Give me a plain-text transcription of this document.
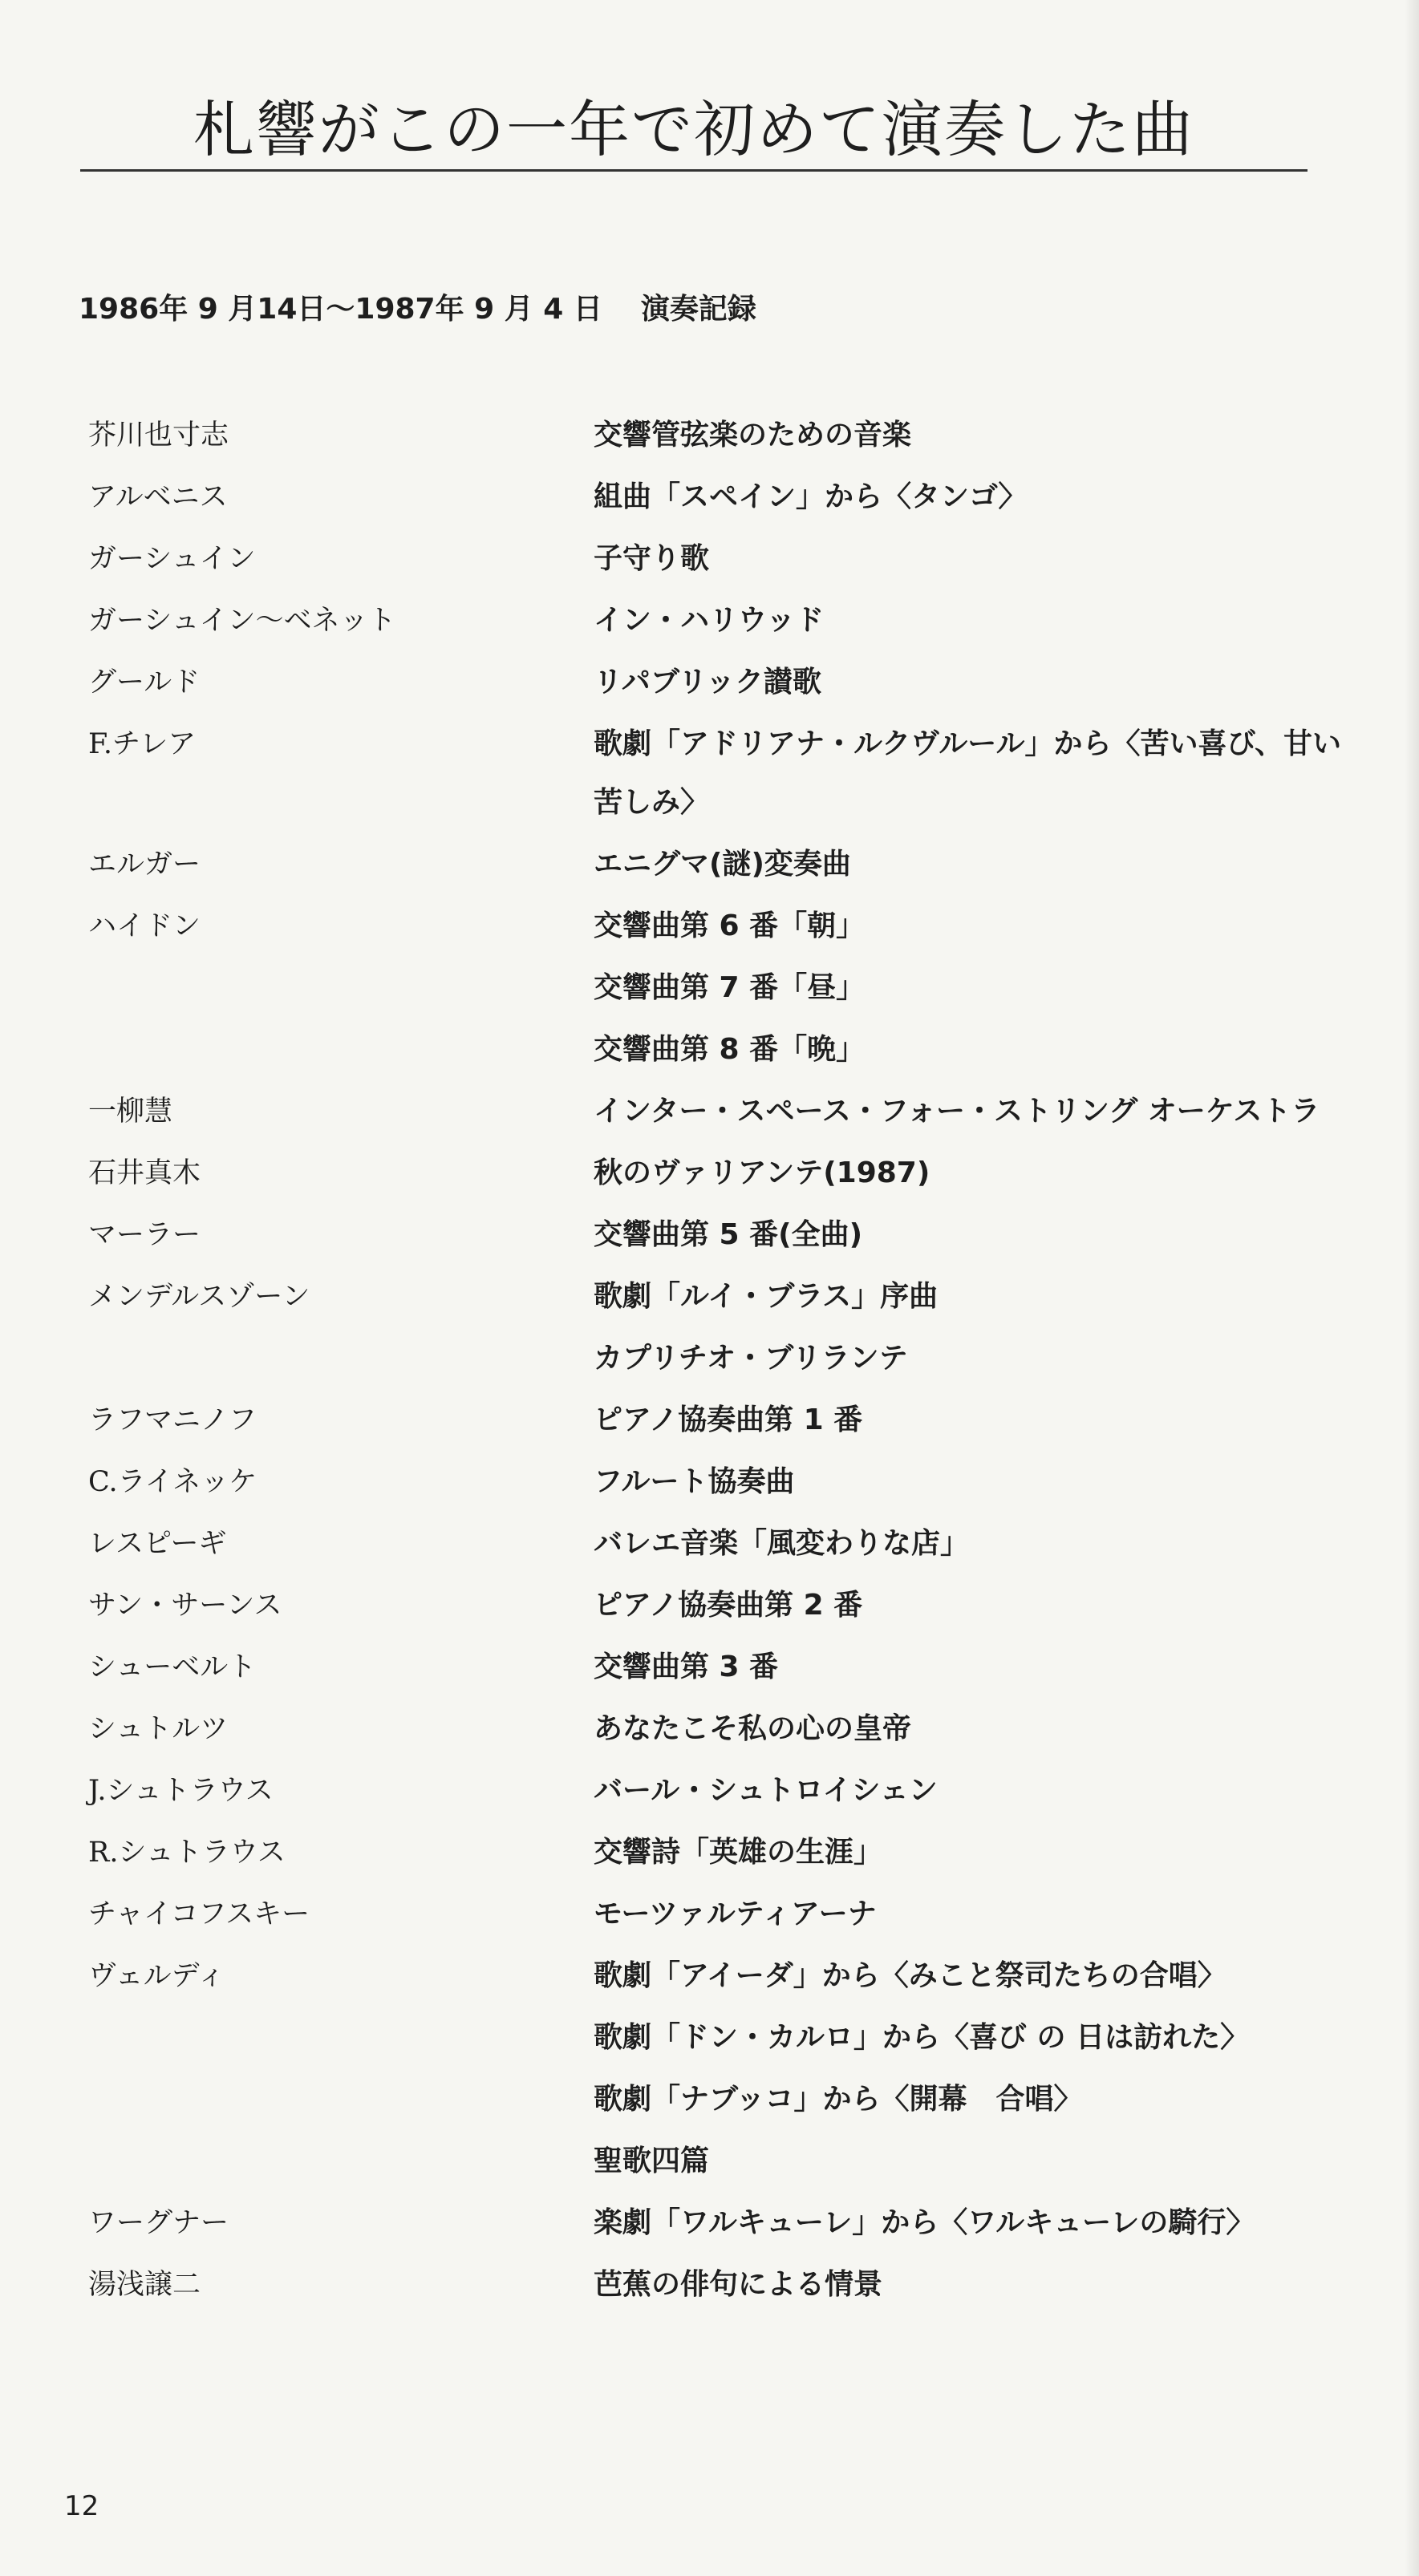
札響がこの一年で初めて演奏した曲
1986年 9 月14日〜1987年 9 月 4 日 演奏記録
芥川也寸志	交響管弦楽のための音楽
アルベニス	組曲「スペイン」から〈タンゴ〉
ガーシュイン	子守り歌
ガーシュイン〜ベネット	イン・ハリウッド
グールド	リパブリック讃歌
F.チレア	歌劇「アドリアナ・ルクヴルール」から〈苦い喜び、甘い
苦しみ〉
エルガー	エニグマ(謎)変奏曲
ハイドン	交響曲第 6 番「朝」
交響曲第 7 番「昼」
交響曲第 8 番「晩」
一柳慧	インター・スペース・フォー・ストリング オーケストラ
石井真木	秋のヴァリアンテ(1987)
マーラー	交響曲第 5 番(全曲)
メンデルスゾーン	歌劇「ルイ・ブラス」序曲
カプリチオ・ブリランテ
ラフマニノフ	ピアノ協奏曲第 1 番
C.ライネッケ	フルート協奏曲
レスピーギ	バレエ音楽「風変わりな店」
サン・サーンス	ピアノ協奏曲第 2 番
シューベルト	交響曲第 3 番
シュトルツ	あなたこそ私の心の皇帝
J.シュトラウス	バール・シュトロイシェン
R.シュトラウス	交響詩「英雄の生涯」
チャイコフスキー	モーツァルティアーナ
ヴェルディ	歌劇「アイーダ」から〈みこと祭司たちの合唱〉
歌劇「ドン・カルロ」から〈喜び の 日は訪れた〉
歌劇「ナブッコ」から〈開幕　合唱〉
聖歌四篇
ワーグナー	楽劇「ワルキューレ」から〈ワルキューレの騎行〉
湯浅譲二	芭蕉の俳句による情景
12
